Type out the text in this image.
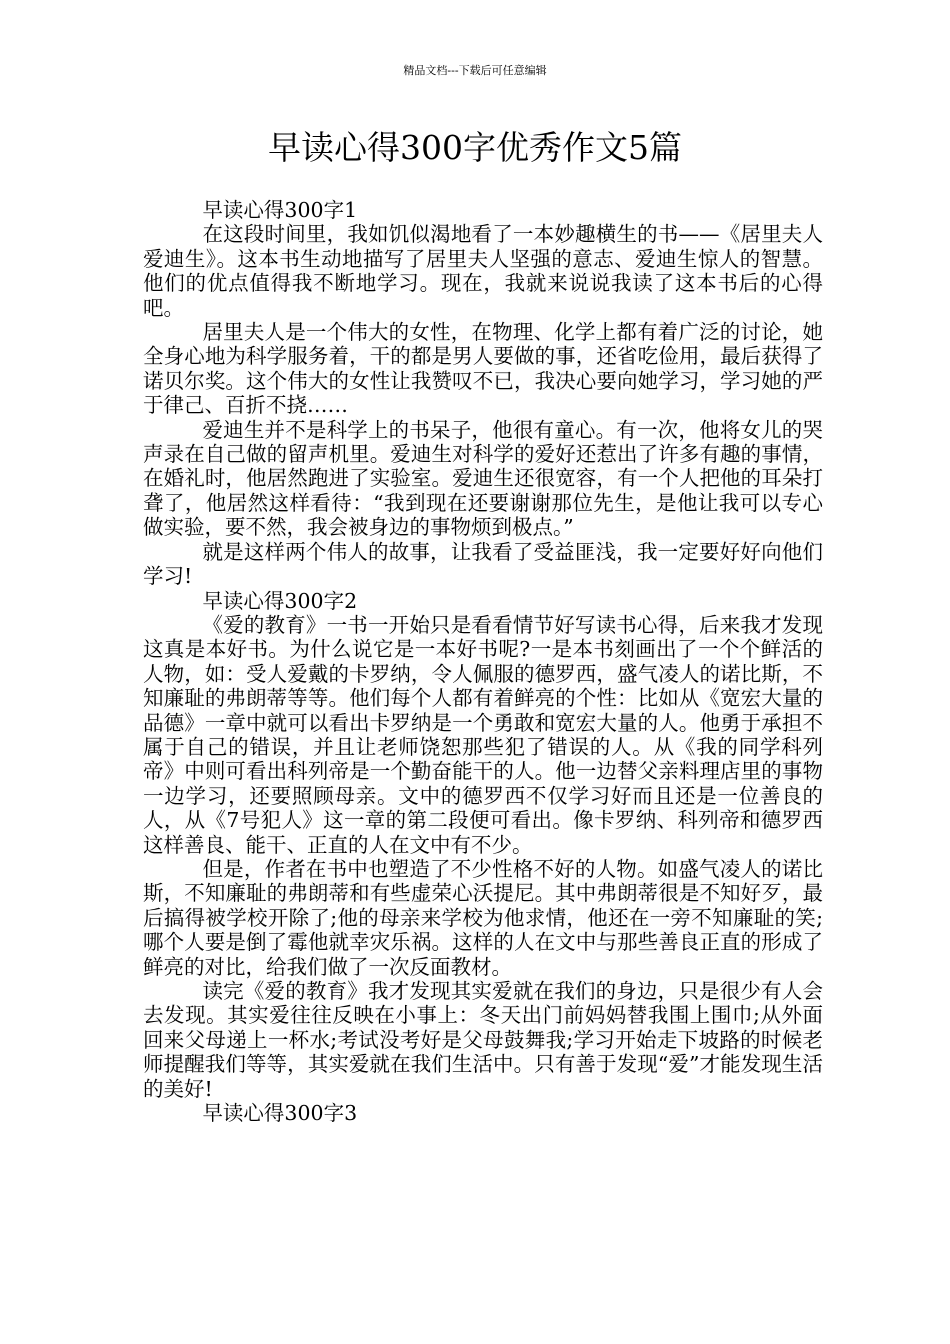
精品文档---下载后可任意编辑
早读心得300字优秀作文5篇

早读心得300字1

在这段时间里，我如饥似渴地看了一本妙趣横生的书——《居里夫人爱迪生》。这本书生动地描写了居里夫人坚强的意志、爱迪生惊人的智慧。他们的优点值得我不断地学习。现在，我就来说说我读了这本书后的心得吧。

居里夫人是一个伟大的女性，在物理、化学上都有着广泛的讨论，她全身心地为科学服务着，干的都是男人要做的事，还省吃俭用，最后获得了诺贝尔奖。这个伟大的女性让我赞叹不已，我决心要向她学习，学习她的严于律己、百折不挠……

爱迪生并不是科学上的书呆子，他很有童心。有一次，他将女儿的哭声录在自己做的留声机里。爱迪生对科学的爱好还惹出了许多有趣的事情，在婚礼时，他居然跑进了实验室。爱迪生还很宽容，有一个人把他的耳朵打聋了，他居然这样看待：“我到现在还要谢谢那位先生，是他让我可以专心做实验，要不然，我会被身边的事物烦到极点。”

就是这样两个伟人的故事，让我看了受益匪浅，我一定要好好向他们学习!

早读心得300字2

《爱的教育》一书一开始只是看看情节好写读书心得，后来我才发现这真是本好书。为什么说它是一本好书呢?一是本书刻画出了一个个鲜活的人物，如：受人爱戴的卡罗纳，令人佩服的德罗西，盛气凌人的诺比斯，不知廉耻的弗朗蒂等等。他们每个人都有着鲜亮的个性：比如从《宽宏大量的品德》一章中就可以看出卡罗纳是一个勇敢和宽宏大量的人。他勇于承担不属于自己的错误，并且让老师饶恕那些犯了错误的人。从《我的同学科列帝》中则可看出科列帝是一个勤奋能干的人。他一边替父亲料理店里的事物一边学习，还要照顾母亲。文中的德罗西不仅学习好而且还是一位善良的人，从《7号犯人》这一章的第二段便可看出。像卡罗纳、科列帝和德罗西这样善良、能干、正直的人在文中有不少。

但是，作者在书中也塑造了不少性格不好的人物。如盛气凌人的诺比斯，不知廉耻的弗朗蒂和有些虚荣心沃提尼。其中弗朗蒂很是不知好歹，最后搞得被学校开除了;他的母亲来学校为他求情，他还在一旁不知廉耻的笑;哪个人要是倒了霉他就幸灾乐祸。这样的人在文中与那些善良正直的形成了鲜亮的对比，给我们做了一次反面教材。

读完《爱的教育》我才发现其实爱就在我们的身边，只是很少有人会去发现。其实爱往往反映在小事上：冬天出门前妈妈替我围上围巾;从外面回来父母递上一杯水;考试没考好是父母鼓舞我;学习开始走下坡路的时候老师提醒我们等等，其实爱就在我们生活中。只有善于发现“爱”才能发现生活的美好!

早读心得300字3
